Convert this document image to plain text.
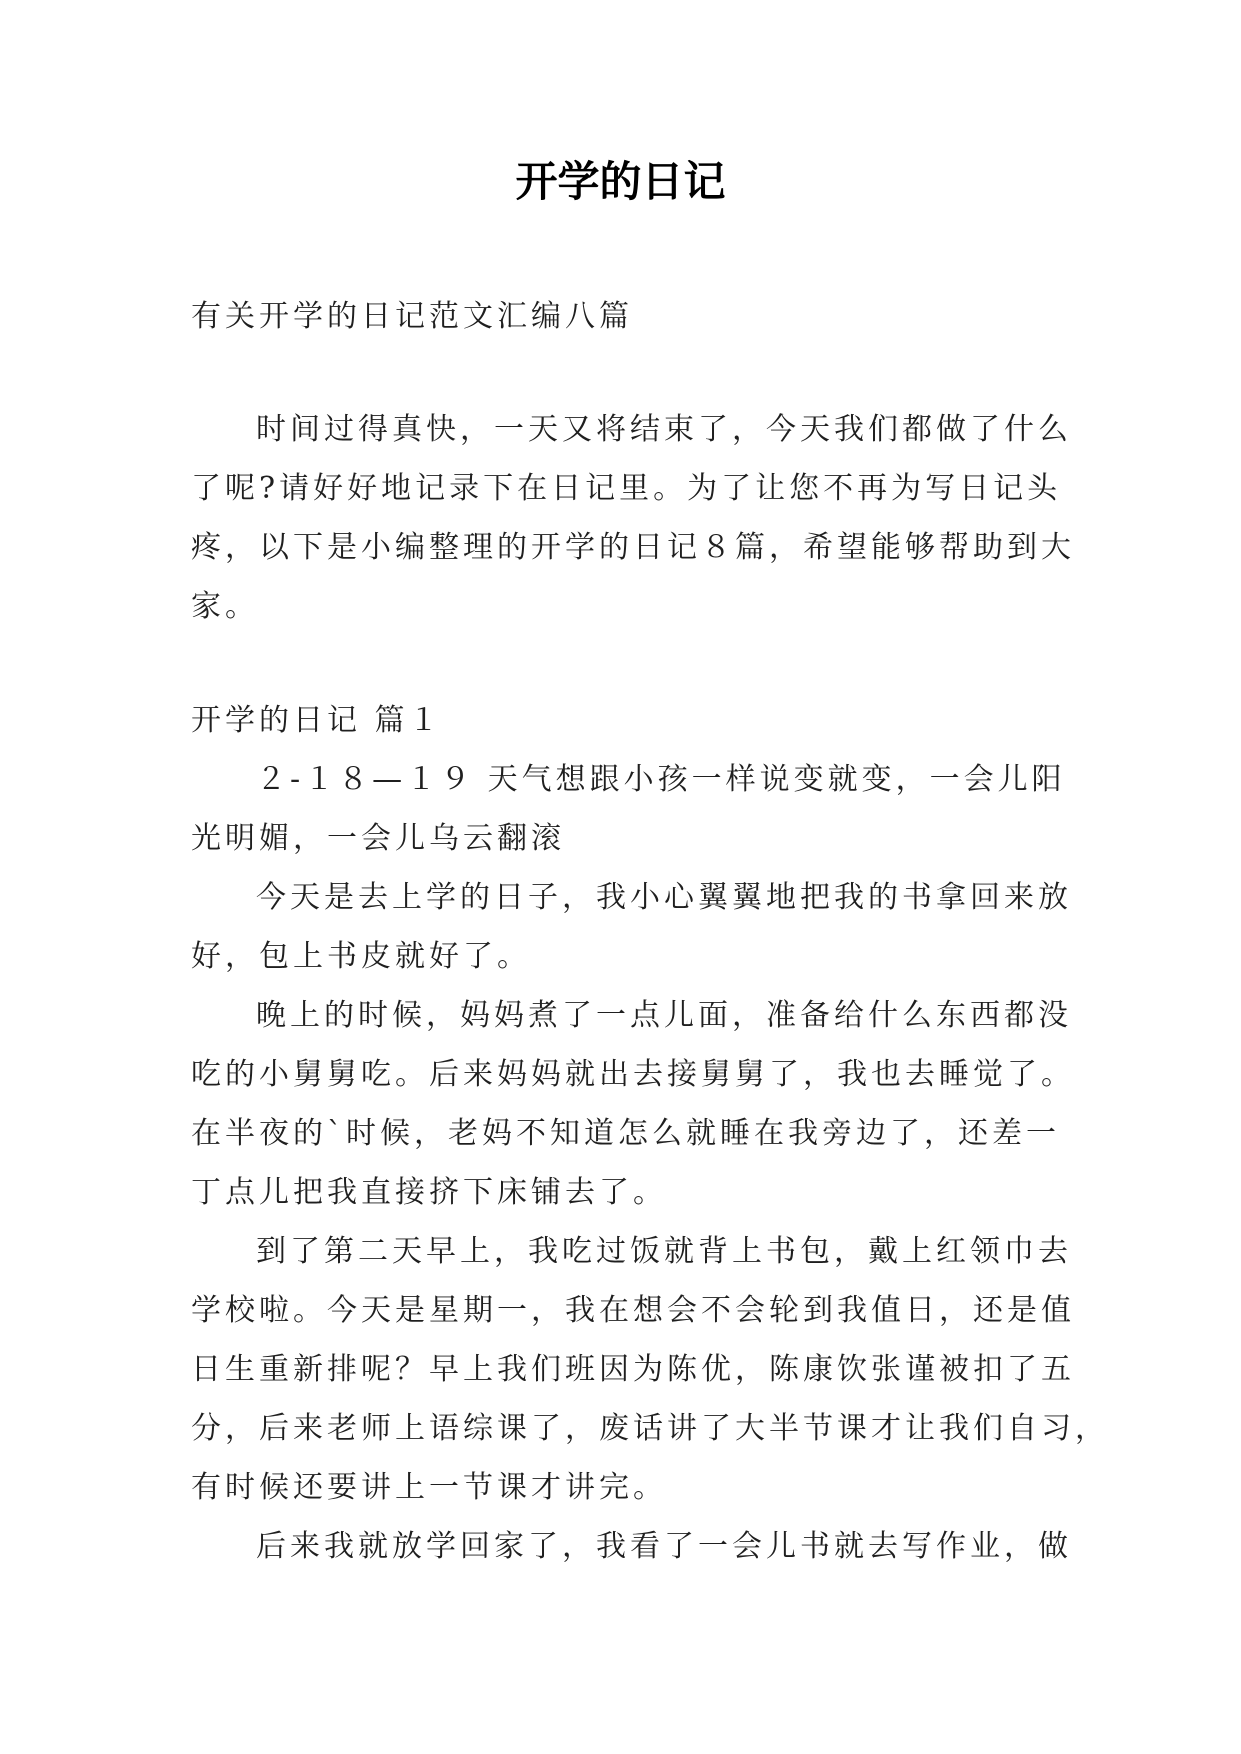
开学的日记
有关开学的日记范文汇编八篇
时间过得真快，一天又将结束了，今天我们都做了什么
了呢?请好好地记录下在日记里。为了让您不再为写日记头
疼，以下是小编整理的开学的日记８篇，希望能够帮助到大
家。
开学的日记 篇１
２-１８—１９ 天气想跟小孩一样说变就变，一会儿阳
光明媚，一会儿乌云翻滚
今天是去上学的日子，我小心翼翼地把我的书拿回来放
好，包上书皮就好了。
晚上的时候，妈妈煮了一点儿面，准备给什么东西都没
吃的小舅舅吃。后来妈妈就出去接舅舅了，我也去睡觉了。
在半夜的`时候，老妈不知道怎么就睡在我旁边了，还差一
丁点儿把我直接挤下床铺去了。
到了第二天早上，我吃过饭就背上书包，戴上红领巾去
学校啦。今天是星期一，我在想会不会轮到我值日，还是值
日生重新排呢？早上我们班因为陈优，陈康饮张谨被扣了五
分，后来老师上语综课了，废话讲了大半节课才让我们自习，
有时候还要讲上一节课才讲完。
后来我就放学回家了，我看了一会儿书就去写作业，做
